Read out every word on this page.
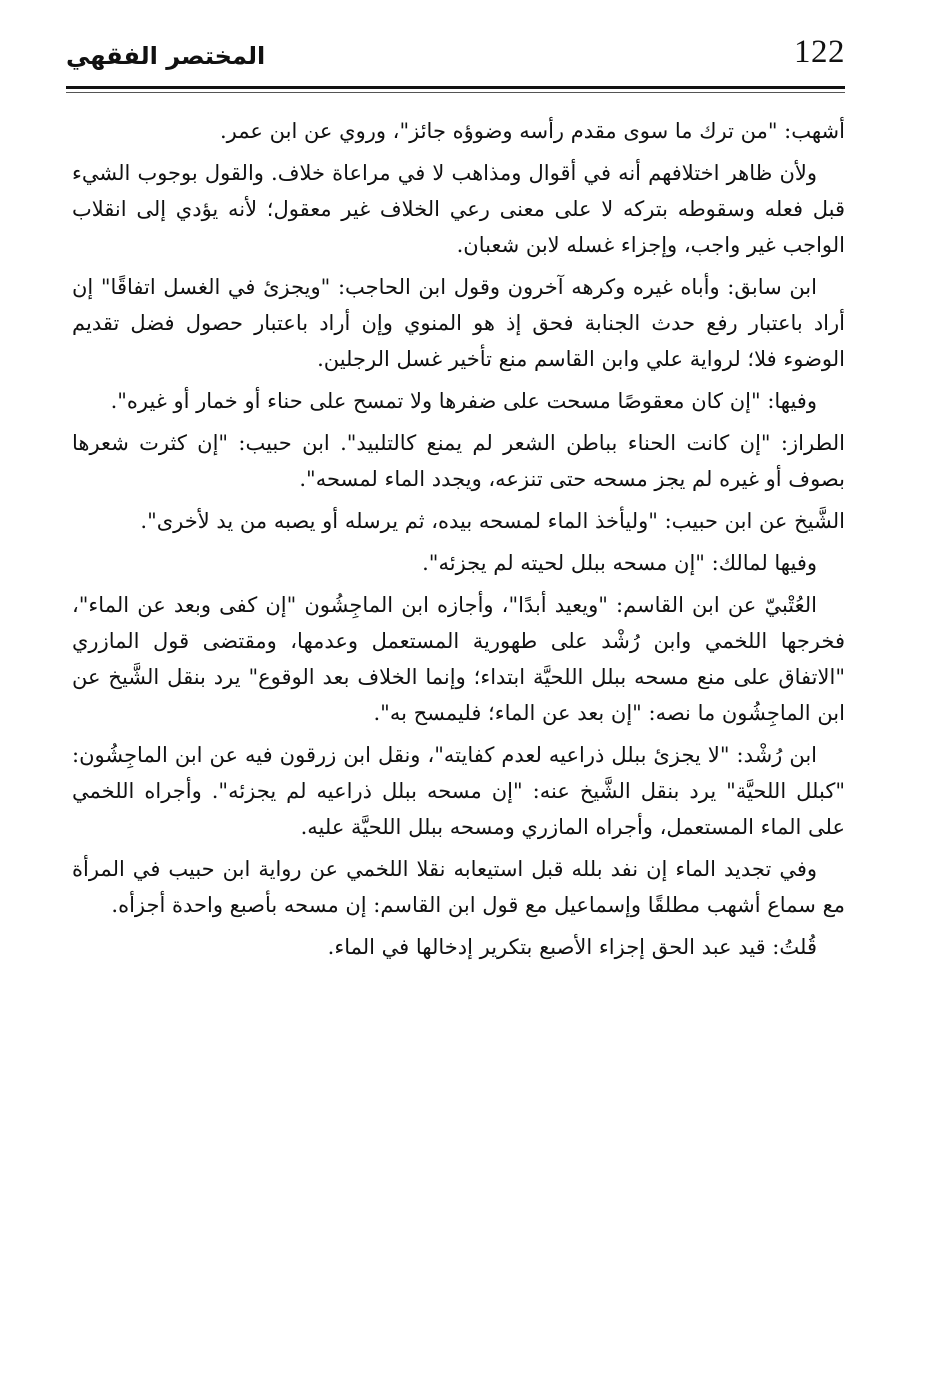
المختصر الفقهي	122

أشهب: "من ترك ما سوى مقدم رأسه وضوؤه جائز"، وروي عن ابن عمر.

ولأن ظاهر اختلافهم أنه في أقوال ومذاهب لا في مراعاة خلاف. والقول بوجوب الشيء قبل فعله وسقوطه بتركه لا على معنى رعي الخلاف غير معقول؛ لأنه يؤدي إلى انقلاب الواجب غير واجب، وإجزاء غسله لابن شعبان.

ابن سابق: وأباه غيره وكرهه آخرون وقول ابن الحاجب: "ويجزئ في الغسل اتفاقًا" إن أراد باعتبار رفع حدث الجنابة فحق إذ هو المنوي وإن أراد باعتبار حصول فضل تقديم الوضوء فلا؛ لرواية علي وابن القاسم منع تأخير غسل الرجلين.

وفيها: "إن كان معقوصًا مسحت على ضفرها ولا تمسح على حناء أو خمار أو غيره".

الطراز: "إن كانت الحناء بباطن الشعر لم يمنع كالتلبيد". ابن حبيب: "إن كثرت شعرها بصوف أو غيره لم يجز مسحه حتى تنزعه، ويجدد الماء لمسحه".

الشَّيخ عن ابن حبيب: "وليأخذ الماء لمسحه بيده، ثم يرسله أو يصبه من يد لأخرى".

وفيها لمالك: "إن مسحه ببلل لحيته لم يجزئه".

العُتْبيّ عن ابن القاسم: "ويعيد أبدًا"، وأجازه ابن الماجِشُون "إن كفى وبعد عن الماء"، فخرجها اللخمي وابن رُشْد على طهورية المستعمل وعدمها، ومقتضى قول المازري "الاتفاق على منع مسحه ببلل اللحيَّة ابتداء؛ وإنما الخلاف بعد الوقوع" يرد بنقل الشَّيخ عن ابن الماجِشُون ما نصه: "إن بعد عن الماء؛ فليمسح به".

ابن رُشْد: "لا يجزئ ببلل ذراعيه لعدم كفايته"، ونقل ابن زرقون فيه عن ابن الماجِشُون: "كبلل اللحيَّة" يرد بنقل الشَّيخ عنه: "إن مسحه ببلل ذراعيه لم يجزئه". وأجراه اللخمي على الماء المستعمل، وأجراه المازري ومسحه ببلل اللحيَّة عليه.

وفي تجديد الماء إن نفد بلله قبل استيعابه نقلا اللخمي عن رواية ابن حبيب في المرأة مع سماع أشهب مطلقًا وإسماعيل مع قول ابن القاسم: إن مسحه بأصبع واحدة أجزأه.

قُلتُ: قيد عبد الحق إجزاء الأصبع بتكرير إدخالها في الماء.
